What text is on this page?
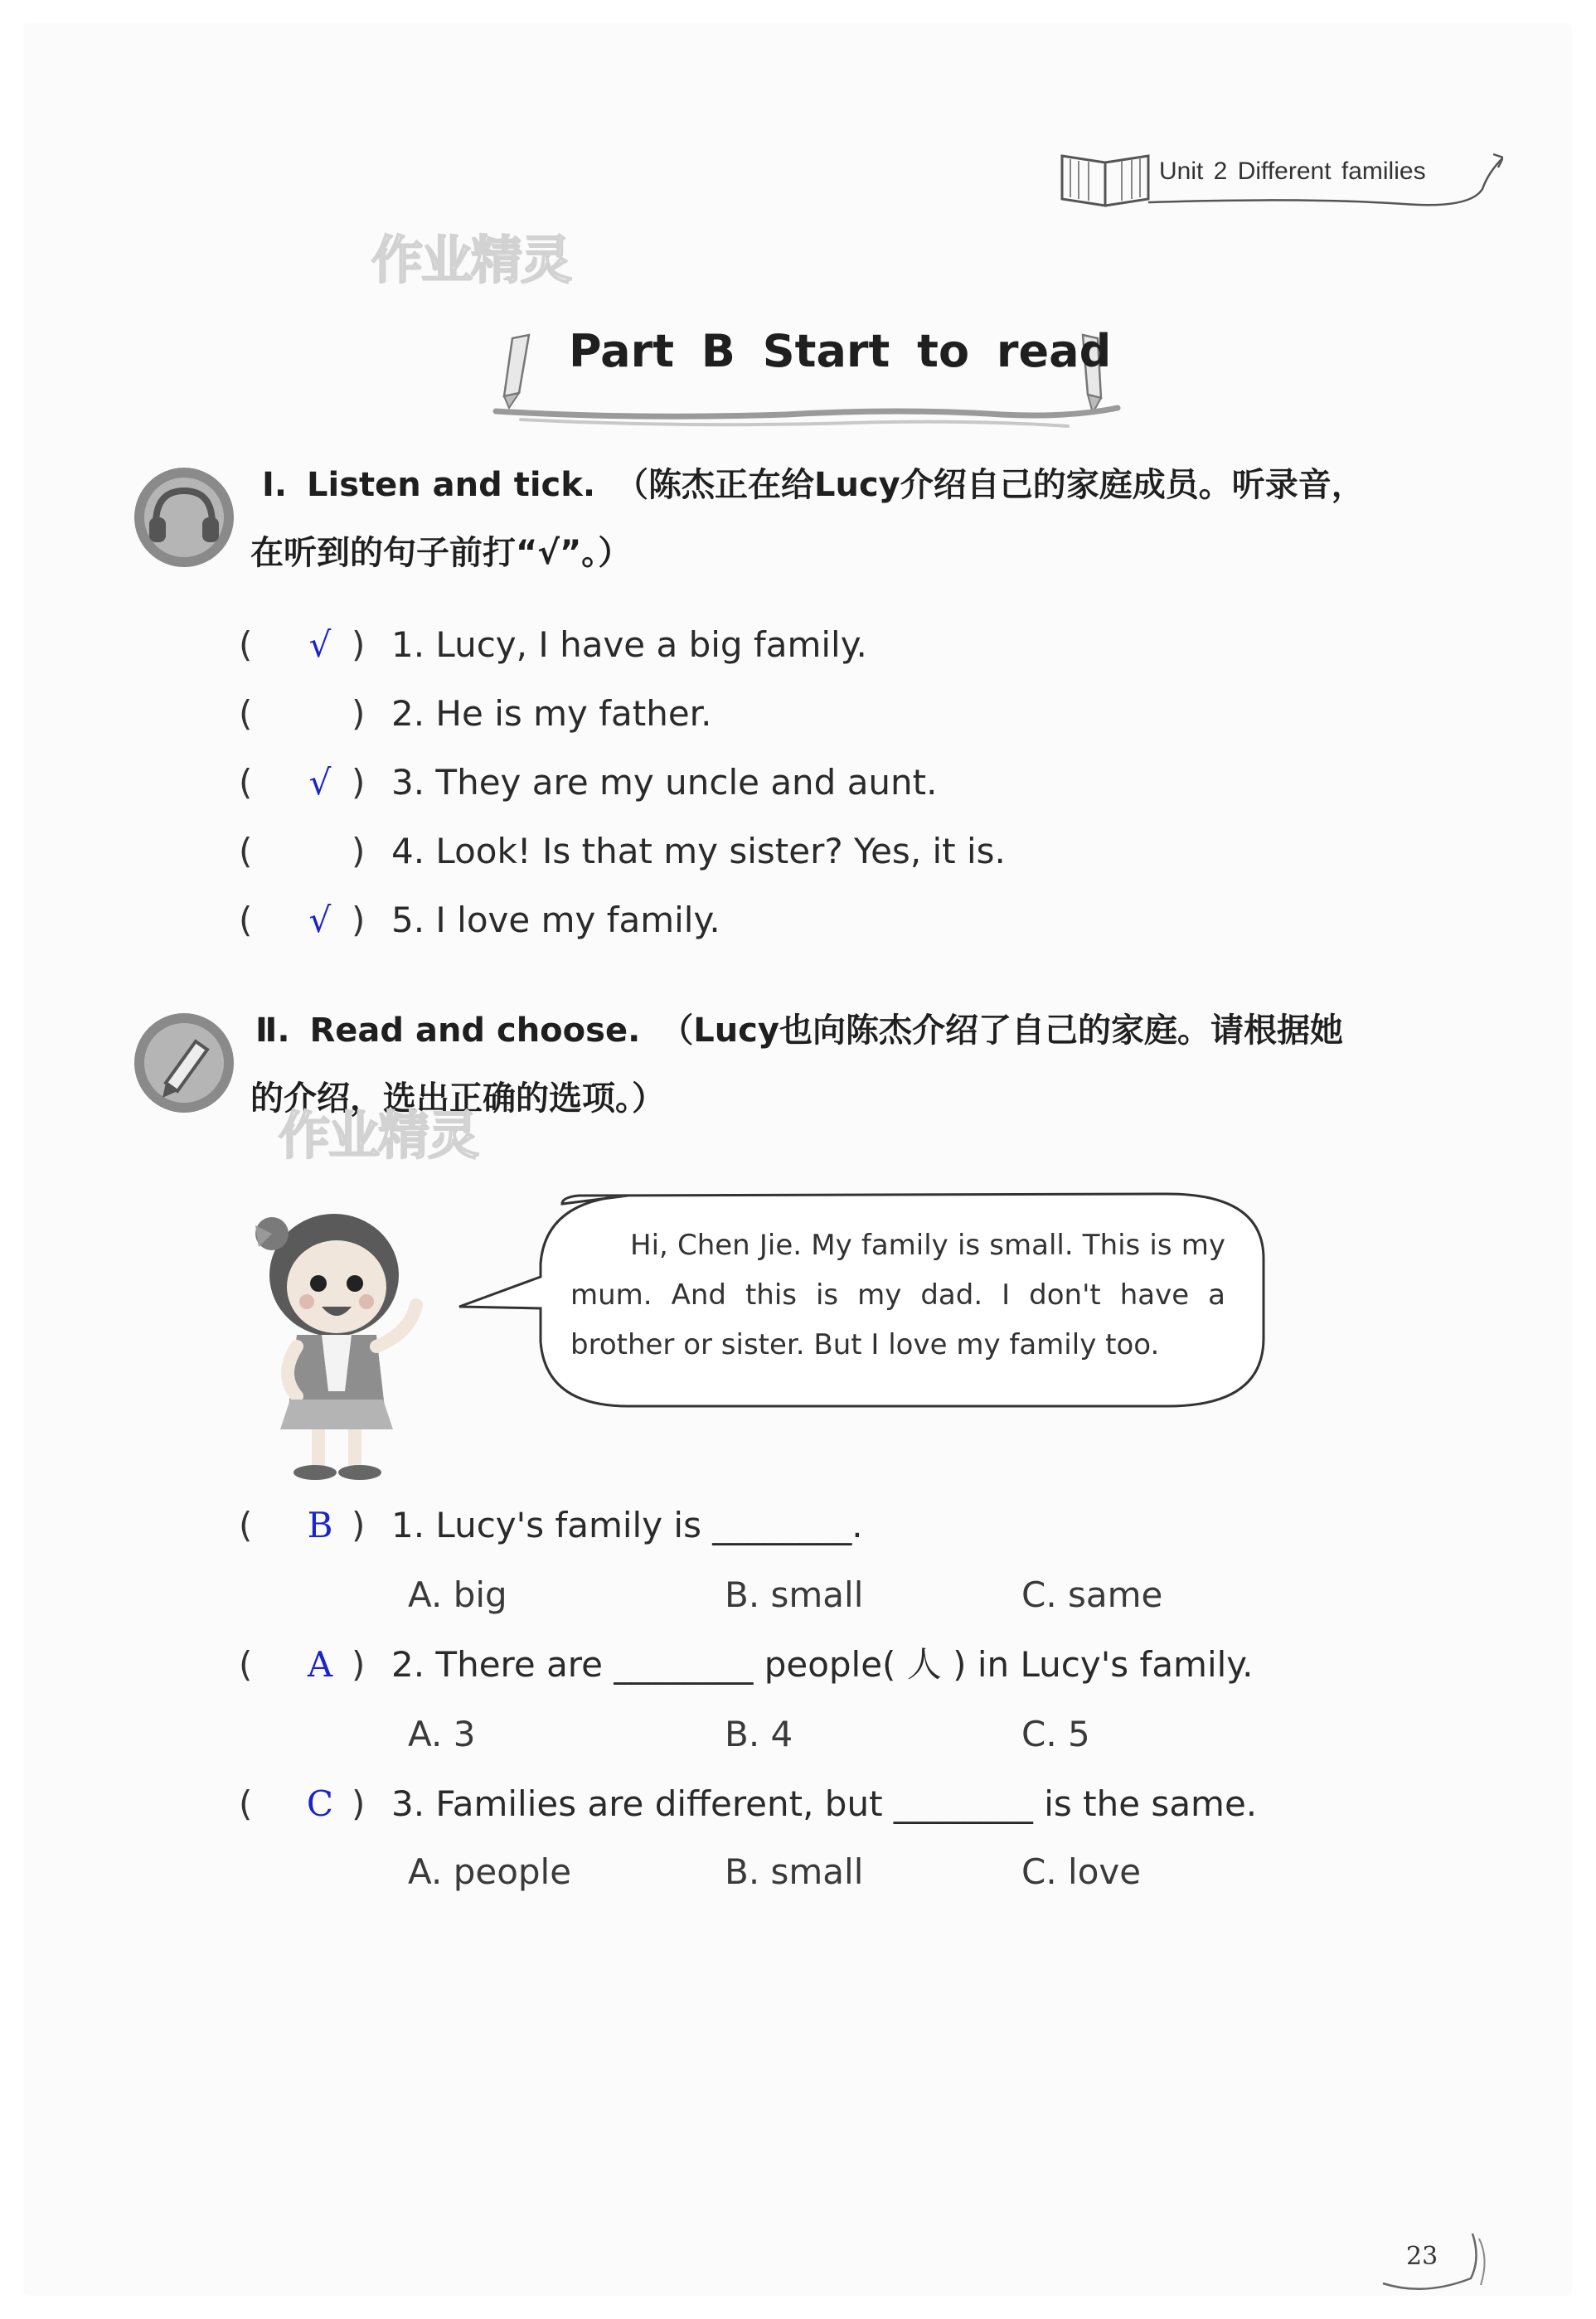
Unit 2 Different families
作业精灵
Part B Start to read
Ⅰ. Listen and tick. （陈杰正在给Lucy介绍自己的家庭成员。听录音，
在听到的句子前打“√”。）
(	√ ) 1. Lucy, I have a big family.
(	) 2. He is my father.
(	√ ) 3. They are my uncle and aunt.
(	) 4. Look! Is that my sister? Yes, it is.
(	√ ) 5. I love my family.
Ⅱ. Read and choose. （Lucy也向陈杰介绍了自己的家庭。请根据她
的介绍，选出正确的选项。）
作业精灵
Hi, Chen Jie. My family is small. This is my mum. And this is my dad. I don't have a brother or sister. But I love my family too.
(	B ) 1. Lucy's family is ________.
A. big	B. small	C. same
(	A ) 2. There are ________ people( 人 ) in Lucy's family.
A. 3	B. 4	C. 5
(	C ) 3. Families are different, but ________ is the same.
A. people	B. small	C. love
23
